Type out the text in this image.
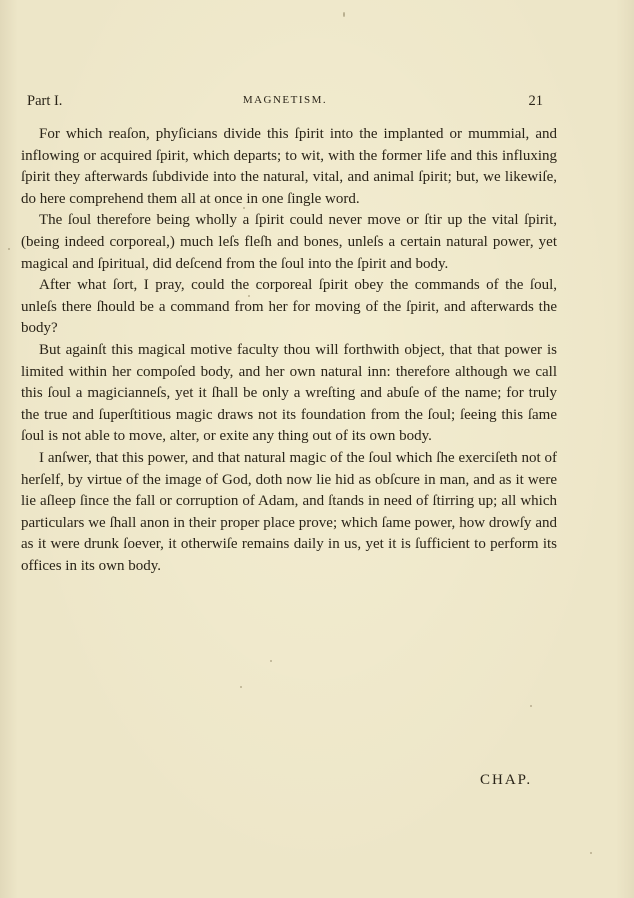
Part I.	MAGNETISM.	21

For which reaſon, phyſicians divide this ſpirit into the implanted or mummial, and inflowing or acquired ſpirit, which departs; to wit, with the former life and this influxing ſpirit they afterwards ſubdivide into the natural, vital, and animal ſpirit; but, we likewiſe, do here comprehend them all at once in one ſingle word.

The ſoul therefore being wholly a ſpirit could never move or ſtir up the vital ſpirit, (being indeed corporeal,) much leſs fleſh and bones, unleſs a certain natural power, yet magical and ſpiritual, did deſcend from the ſoul into the ſpirit and body.

After what ſort, I pray, could the corporeal ſpirit obey the commands of the ſoul, unleſs there ſhould be a command from her for moving of the ſpirit, and afterwards the body?

But againſt this magical motive faculty thou will forthwith object, that that power is limited within her compoſed body, and her own natural inn: therefore although we call this ſoul a magicianneſs, yet it ſhall be only a wreſting and abuſe of the name; for truly the true and ſuperſtitious magic draws not its foundation from the ſoul; ſeeing this ſame ſoul is not able to move, alter, or exite any thing out of its own body.

I anſwer, that this power, and that natural magic of the ſoul which ſhe exerciſeth not of herſelf, by virtue of the image of God, doth now lie hid as obſcure in man, and as it were lie aſleep ſince the fall or corruption of Adam, and ſtands in need of ſtirring up; all which particulars we ſhall anon in their proper place prove; which ſame power, how drowſy and as it were drunk ſoever, it otherwiſe remains daily in us, yet it is ſufficient to perform its offices in its own body.

CHAP.
